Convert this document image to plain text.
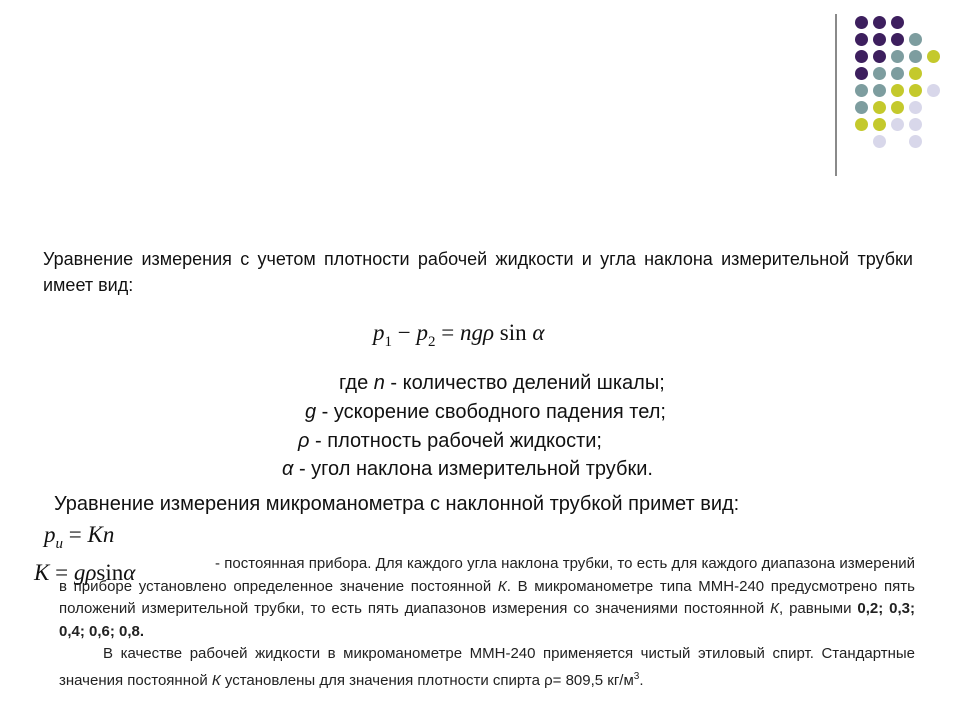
Уравнение измерения с учетом плотности рабочей жидкости и угла наклона измерительной трубки имеет вид:
$p_1 - p_2 = ng\rho$ sin α
где n - количество делений шкалы;
g - ускорение свободного падения тел;
ρ - плотность рабочей жидкости;
α - угол наклона измерительной трубки.
Уравнение измерения микроманометра с наклонной трубкой примет вид:
$p_u = Kn$
K = gρsinα	- постоянная прибора. Для каждого угла наклона трубки, то есть для каждого диапазона измерений в приборе установлено определенное значение постоянной К. В микроманометре типа ММН-240 предусмотрено пять положений измерительной трубки, то есть пять диапазонов измерения со значениями постоянной К, равными 0,2; 0,3; 0,4; 0,6; 0,8.

В качестве рабочей жидкости в микроманометре ММН-240 применяется чистый этиловый спирт. Стандартные значения постоянной К установлены для значения плотности спирта ρ= 809,5 $кг/м^3$.
